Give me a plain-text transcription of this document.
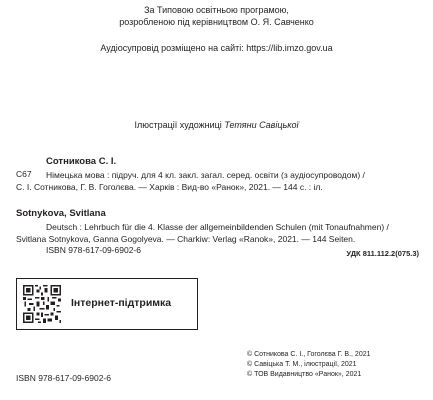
За Типовою освітньою програмою,
розробленою під керівництвом О. Я. Савченко
Аудіосупровід розміщено на сайті: https://lib.imzo.gov.ua
Ілюстрації художниці Тетяни Савіцької
Сотникова С. І.
С67 Німецька мова : підруч. для 4 кл. закл. загал. серед. освіти (з аудіосупроводом) /
С. І. Сотникова, Г. В. Гоголєва. — Харків : Вид-во «Ранок», 2021. — 144 с. : іл.
Sotnykova, Svitlana
Deutsch : Lehrbuch für die 4. Klasse der allgemeinbildenden Schulen (mit Tonaufnahmen) /
Svitlana Sotnykova, Ganna Gogolyeva. — Charkiw: Verlag «Ranok», 2021. — 144 Seiten.
ISBN 978-617-09-6902-6	УДК 811.112.2(075.3)
Інтернет-підтримка
© Сотникова С. І., Гоголєва Г. В., 2021
© Савіцька Т. М., ілюстрації, 2021
© ТОВ Видавництво «Ранок», 2021
ISBN 978-617-09-6902-6
